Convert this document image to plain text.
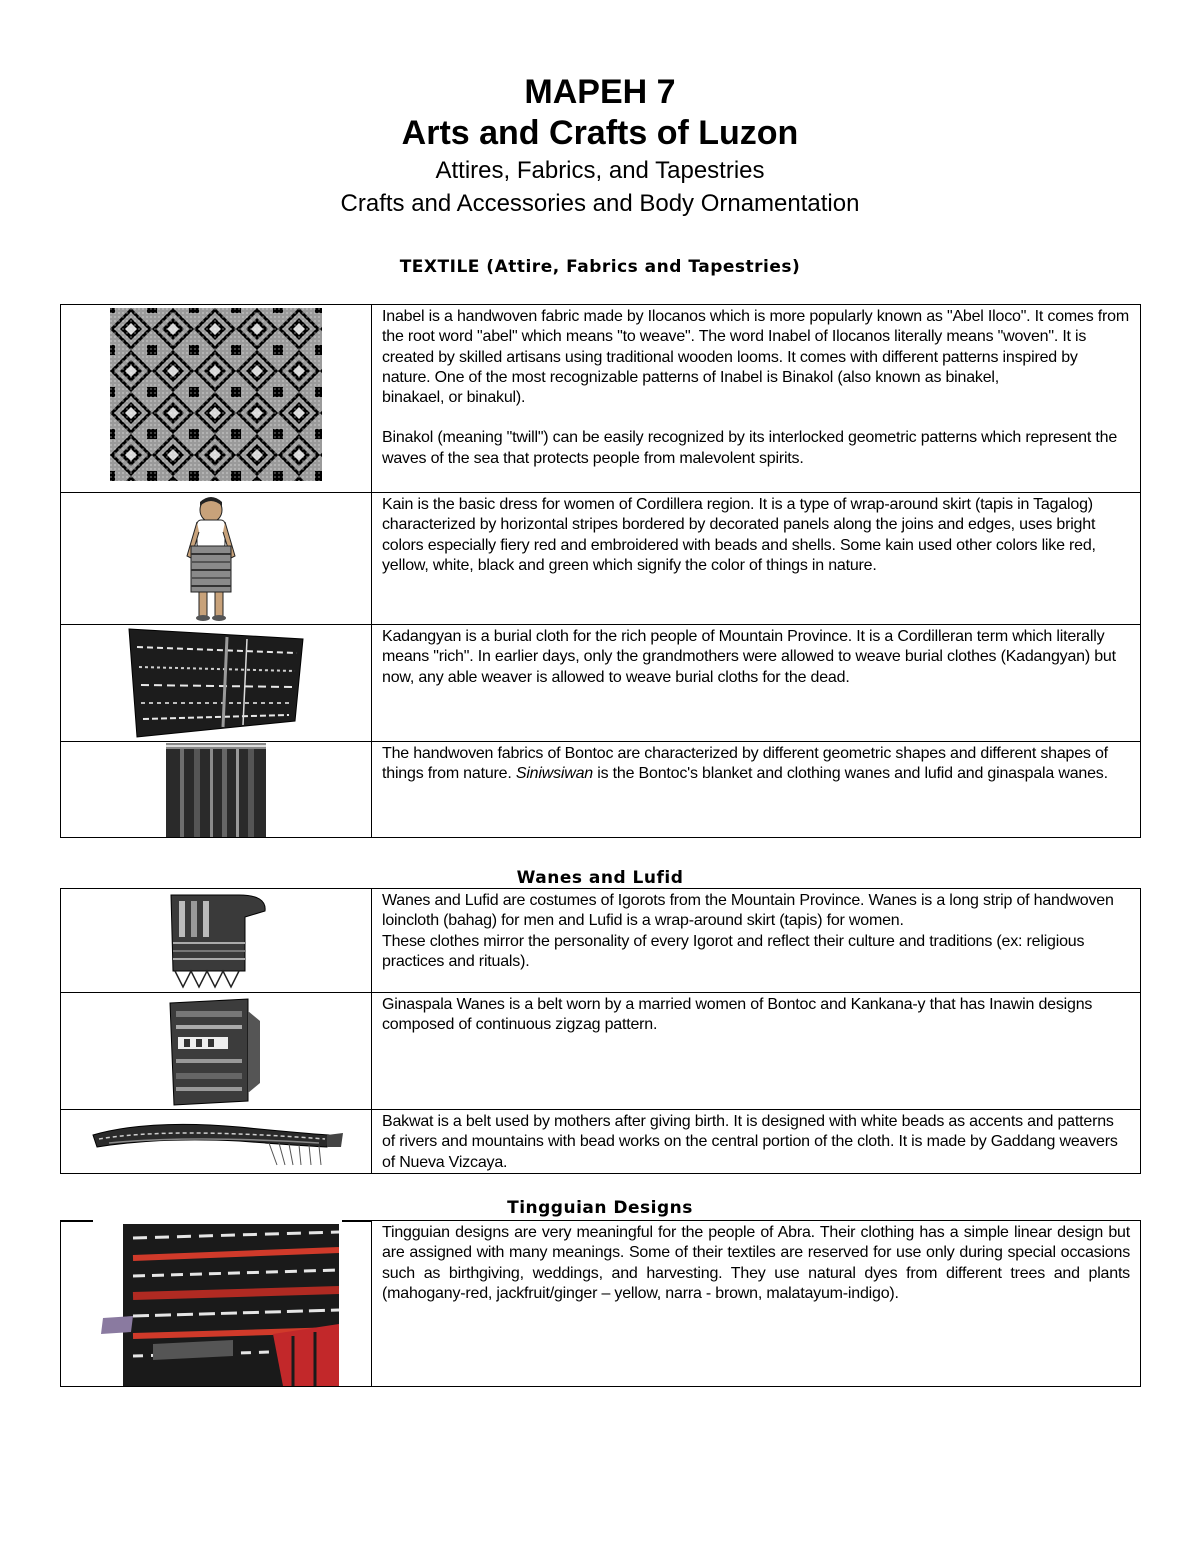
MAPEH 7
Arts and Crafts of Luzon
Attires, Fabrics, and Tapestries
Crafts and Accessories and Body Ornamentation
TEXTILE (Attire, Fabrics and Tapestries)

Inabel is a handwoven fabric made by Ilocanos which is more popularly known as "Abel Iloco". It comes from the root word "abel" which means "to weave". The word Inabel of Ilocanos literally means "woven". It is created by skilled artisans using traditional wooden looms. It comes with different patterns inspired by nature. One of the most recognizable patterns of Inabel is Binakol (also known as binakel,

binakael, or binakul).

Binakol (meaning "twill") can be easily recognized by its interlocked geometric patterns which represent the waves of the sea that protects people from malevolent spirits.

Kain is the basic dress for women of Cordillera region. It is a type of wrap-around skirt (tapis in Tagalog) characterized by horizontal stripes bordered by decorated panels along the joins and edges, uses bright colors especially fiery red and embroidered with beads and shells. Some kain used other colors like red, yellow, white, black and green which signify the color of things in nature.

Kadangyan is a burial cloth for the rich people of Mountain Province. It is a Cordilleran term which literally means "rich". In earlier days, only the grandmothers were allowed to weave burial clothes (Kadangyan) but now, any able weaver is allowed to weave burial cloths for the dead.

The handwoven fabrics of Bontoc are characterized by different geometric shapes and different shapes of things from nature. Siniwsiwan is the Bontoc's blanket and clothing wanes and lufid and ginaspala wanes.

Wanes and Lufid

Wanes and Lufid are costumes of Igorots from the Mountain Province. Wanes is a long strip of handwoven loincloth (bahag) for men and Lufid is a wrap-around skirt (tapis) for women.

These clothes mirror the personality of every Igorot and reflect their culture and traditions (ex: religious practices and rituals).

Ginaspala Wanes is a belt worn by a married women of Bontoc and Kankana-y that has Inawin designs composed of continuous zigzag pattern.

Bakwat is a belt used by mothers after giving birth. It is designed with white beads as accents and patterns of rivers and mountains with bead works on the central portion of the cloth. It is made by Gaddang weavers of Nueva Vizcaya.

Tingguian Designs

Tingguian designs are very meaningful for the people of Abra. Their clothing has a simple linear design but are assigned with many meanings. Some of their textiles are reserved for use only during special occasions such as birthgiving, weddings, and harvesting. They use natural dyes from different trees and plants (mahogany-red, jackfruit/ginger – yellow, narra - brown, malatayum-indigo).
